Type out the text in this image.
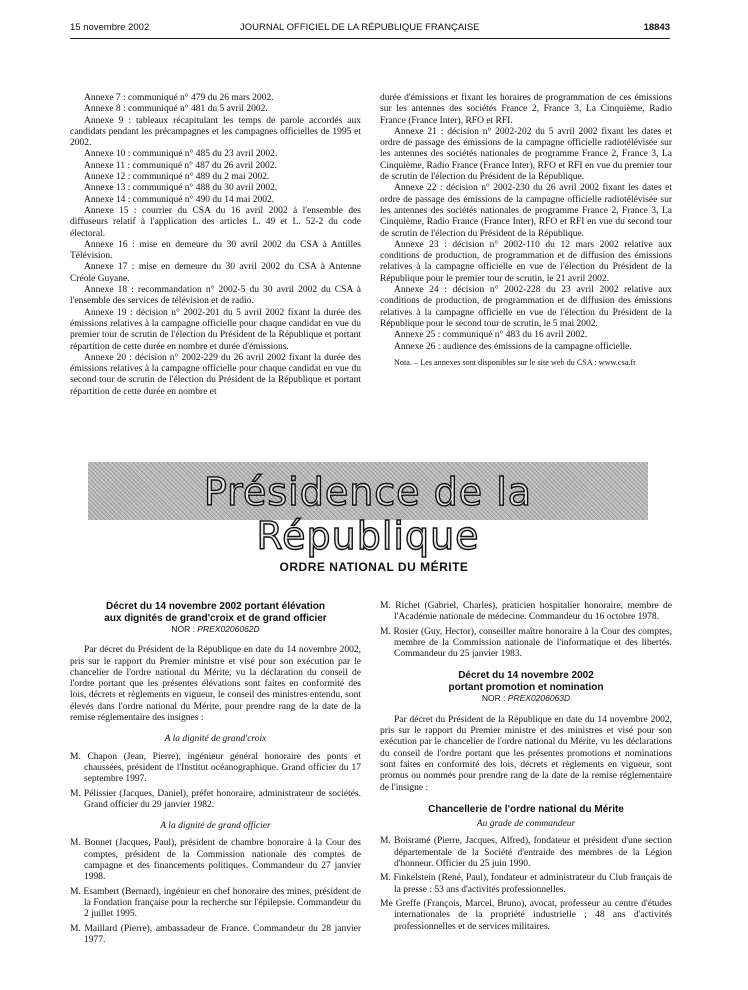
15 novembre 2002	JOURNAL OFFICIEL DE LA RÉPUBLIQUE FRANÇAISE	18843

Annexe 7 : communiqué n° 479 du 26 mars 2002.

Annexe 8 : communiqué n° 481 du 5 avril 2002.

Annexe 9 : tableaux récapitulant les temps de parole accordés aux candidats pendant les précampagnes et les campagnes officielles de 1995 et 2002.

Annexe 10 : communiqué n° 485 du 23 avril 2002.

Annexe 11 : communiqué n° 487 du 26 avril 2002.

Annexe 12 : communiqué n° 489 du 2 mai 2002.

Annexe 13 : communiqué n° 488 du 30 avril 2002.

Annexe 14 : communiqué n° 490 du 14 mai 2002.

Annexe 15 : courrier du CSA du 16 avril 2002 à l'ensemble des diffuseurs relatif à l'application des articles L. 49 et L. 52-2 du code électoral.

Annexe 16 : mise en demeure du 30 avril 2002 du CSA à Antilles Télévision.

Annexe 17 : mise en demeure du 30 avril 2002 du CSA à Antenne Créole Guyane.

Annexe 18 : recommandation n° 2002-5 du 30 avril 2002 du CSA à l'ensemble des services de télévision et de radio.

Annexe 19 : décision n° 2002-201 du 5 avril 2002 fixant la durée des émissions relatives à la campagne officielle pour chaque candidat en vue du premier tour de scrutin de l'élection du Président de la République et portant répartition de cette durée en nombre et durée d'émissions.

Annexe 20 : décision n° 2002-229 du 26 avril 2002 fixant la durée des émissions relatives à la campagne officielle pour chaque candidat en vue du second tour de scrutin de l'élection du Président de la République et portant répartition de cette durée en nombre et

durée d'émissions et fixant les horaires de programmation de ces émissions sur les antennes des sociétés France 2, France 3, La Cinquième, Radio France (France Inter), RFO et RFI.

Annexe 21 : décision n° 2002-202 du 5 avril 2002 fixant les dates et ordre de passage des émissions de la campagne officielle radiotélévisée sur les antennes des sociétés nationales de programme France 2, France 3, La Cinquième, Radio France (France Inter), RFO et RFI en vue du premier tour de scrutin de l'élection du Président de la République.

Annexe 22 : décision n° 2002-230 du 26 avril 2002 fixant les dates et ordre de passage des émissions de la campagne officielle radiotélévisée sur les antennes des sociétés nationales de programme France 2, France 3, La Cinquième, Radio France (France Inter), RFO et RFI en vue du second tour de scrutin de l'élection du Président de la République.

Annexe 23 : décision n° 2002-110 du 12 mars 2002 relative aux conditions de production, de programmation et de diffusion des émissions relatives à la campagne officielle en vue de l'élection du Président de la République pour le premier tour de scrutin, le 21 avril 2002.

Annexe 24 : décision n° 2002-228 du 23 avril 2002 relative aux conditions de production, de programmation et de diffusion des émissions relatives à la campagne officielle en vue de l'élection du Président de la République pour le second tour de scrutin, le 5 mai 2002.

Annexe 25 : communiqué n° 483 du 16 avril 2002.

Annexe 26 : audience des émissions de la campagne officielle.

Nota. – Les annexes sont disponibles sur le site web du CSA : www.csa.fr

Présidence de la République
ORDRE NATIONAL DU MÉRITE

Décret du 14 novembre 2002 portant élévation

aux dignités de grand'croix et de grand officier

NOR : PREX0206062D

Par décret du Président de la République en date du 14 novembre 2002, pris sur le rapport du Premier ministre et visé pour son exécution par le chancelier de l'ordre national du Mérite, vu la déclaration du conseil de l'ordre portant que les présentes élévations sont faites en conformité des lois, décrets et règlements en vigueur, le conseil des ministres entendu, sont élevés dans l'ordre national du Mérite, pour prendre rang de la date de la remise réglementaire des insignes :

A la dignité de grand'croix

M. Chapon (Jean, Pierre), ingénieur général honoraire des ponts et chaussées, président de l'Institut océanographique. Grand officier du 17 septembre 1997.

M. Pélissier (Jacques, Daniel), préfet honoraire, administrateur de sociétés. Grand officier du 29 janvier 1982.

A la dignité de grand officier

M. Bonnet (Jacques, Paul), président de chambre honoraire à la Cour des comptes, président de la Commission nationale des comptes de campagne et des financements politiques. Commandeur du 27 janvier 1998.

M. Esambert (Bernard), ingénieur en chef honoraire des mines, président de la Fondation française pour la recherche sur l'épilepsie. Commandeur du 2 juillet 1995.

M. Maillard (Pierre), ambassadeur de France. Commandeur du 28 janvier 1977.

M. Richet (Gabriel, Charles), praticien hospitalier honoraire, membre de l'Académie nationale de médecine. Commandeur du 16 octobre 1978.

M. Rosier (Guy, Hector), conseiller maître honoraire à la Cour des comptes, membre de la Commission nationale de l'informatique et des libertés. Commandeur du 25 janvier 1983.

Décret du 14 novembre 2002

portant promotion et nomination

NOR : PREX0206063D

Par décret du Président de la République en date du 14 novembre 2002, pris sur le rapport du Premier ministre et des ministres et visé pour son exécution par le chancelier de l'ordre national du Mérite, vu les déclarations du conseil de l'ordre portant que les présentes promotions et nominations sont faites en conformité des lois, décrets et règlements en vigueur, sont promus ou nommés pour prendre rang de la date de la remise réglementaire de l'insigne :

Chancellerie de l'ordre national du Mérite

Au grade de commandeur

M. Boisramé (Pierre, Jacques, Alfred), fondateur et président d'une section départementale de la Société d'entraide des membres de la Légion d'honneur. Officier du 25 juin 1990.

M. Finkelstein (René, Paul), fondateur et administrateur du Club français de la presse : 53 ans d'activités professionnelles.

Me Greffe (François, Marcel, Bruno), avocat, professeur au centre d'études internationales de la propriété industrielle ; 48 ans d'activités professionnelles et de services militaires.
